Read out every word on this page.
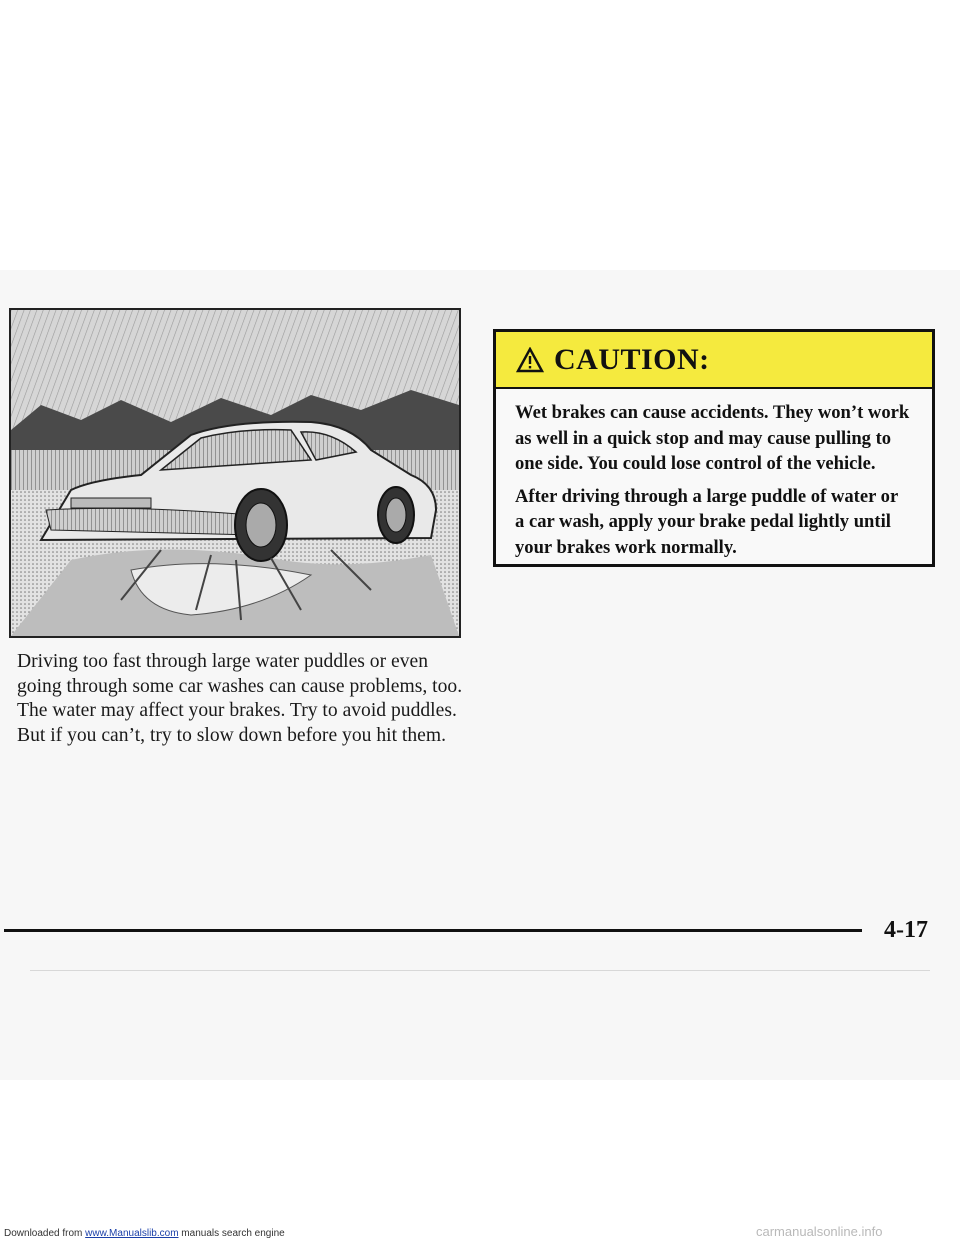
CAUTION:

Wet brakes can cause accidents. They won’t work
as well in a quick stop and may cause pulling to
one side. You could lose control of the vehicle.

After driving through a large puddle of water or
a car wash, apply your brake pedal lightly until
your brakes work normally.

Driving too fast through large water puddles or even
going through some car washes can cause problems, too.
The water may affect your brakes. Try to avoid puddles.
But if you can’t, try to slow down before you hit them.
4-17
Downloaded from www.Manualslib.com manuals search engine	carmanualsonline.info
